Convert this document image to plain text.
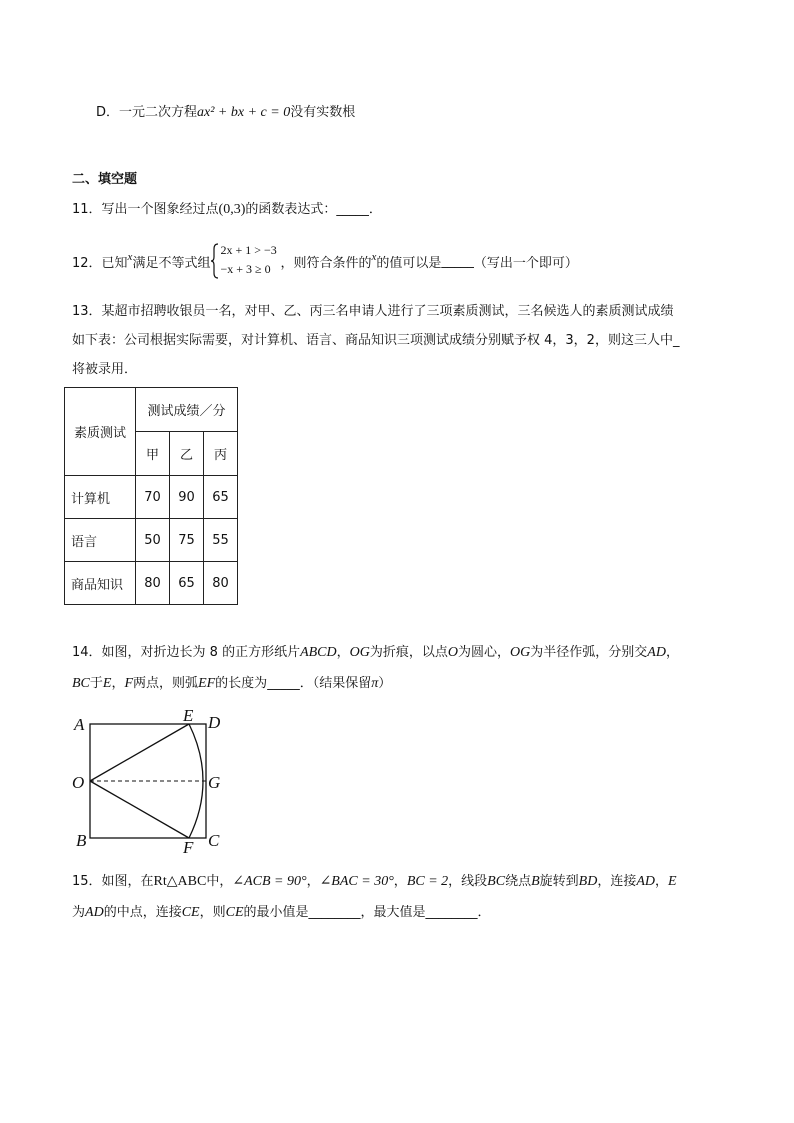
D．一元二次方程ax² + bx + c = 0没有实数根
二、填空题
11．写出一个图象经过点(0,3)的函数表达式：_____．
12．已知 x 满足不等式组
2x + 1 > −3
−x + 3 ≥ 0 ，则符合条件的 x 的值可以是 _____ （写出一个即可）
13．某超市招聘收银员一名，对甲、乙、丙三名申请人进行了三项素质测试，三名候选人的素质测试成绩
如下表：公司根据实际需要，对计算机、语言、商品知识三项测试成绩分别赋予权 4，3，2，则这三人中_
将被录用．
素质测试	测试成绩／分		
	甲	乙	丙
计算机	70	90	65
语言	50	75	55
商品知识	80	65	80
14．如图，对折边长为 8 的正方形纸片ABCD，OG为折痕，以点O为圆心，OG为半径作弧，分别交AD，
BC于E，F两点，则弧EF的长度为_____．（结果保留π）
A	E D
O	G
B	F C
15．如图，在Rt△ABC中，∠ACB = 90°，∠BAC = 30°，BC = 2，线段BC绕点B旋转到BD，连接AD，E
为AD的中点，连接CE，则CE的最小值是________，最大值是________．
